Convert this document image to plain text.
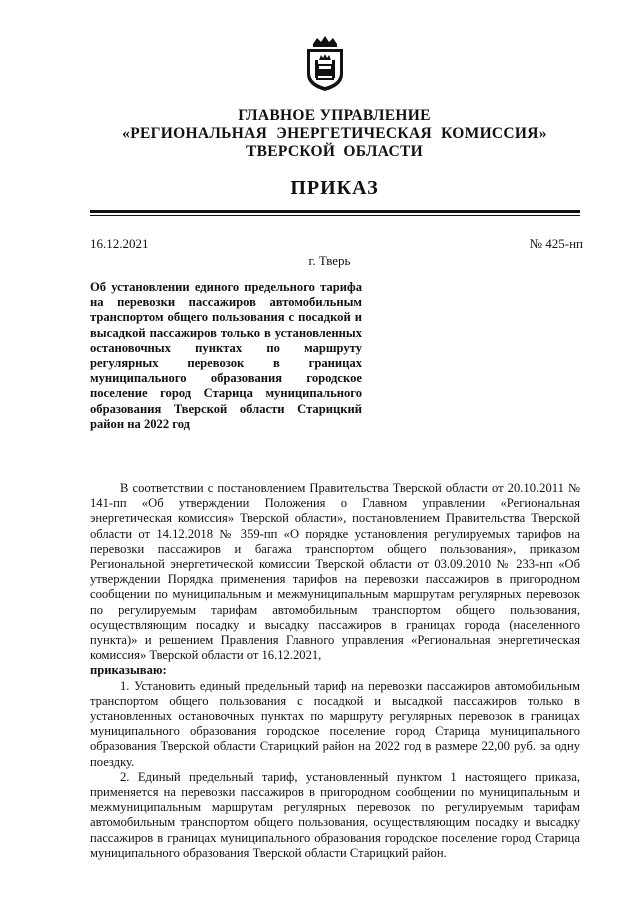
ГЛАВНОЕ УПРАВЛЕНИЕ
«РЕГИОНАЛЬНАЯ ЭНЕРГЕТИЧЕСКАЯ КОМИССИЯ»
ТВЕРСКОЙ ОБЛАСТИ
ПРИКАЗ
16.12.2021	№ 425-нп
г. Тверь
Об установлении единого предельного тарифа на перевозки пассажиров автомобильным транспортом общего пользования с посадкой и высадкой пассажиров только в установленных остановочных пунктах по маршруту регулярных перевозок в границах муниципального образования городское поселение город Старица муниципального образования Тверской области Старицкий район на 2022 год

В соответствии с постановлением Правительства Тверской области от 20.10.2011 № 141-пп «Об утверждении Положения о Главном управлении «Региональная энергетическая комиссия» Тверской области», постановлением Правительства Тверской области от 14.12.2018 № 359-пп «О порядке установления регулируемых тарифов на перевозки пассажиров и багажа транспортом общего пользования», приказом Региональной энергетической комиссии Тверской области от 03.09.2010 № 233-нп «Об утверждении Порядка применения тарифов на перевозки пассажиров в пригородном сообщении по муниципальным и межмуниципальным маршрутам регулярных перевозок по регулируемым тарифам автомобильным транспортом общего пользования, осуществляющим посадку и высадку пассажиров в границах города (населенного пункта)» и решением Правления Главного управления «Региональная энергетическая комиссия» Тверской области от 16.12.2021,

приказываю:

1. Установить единый предельный тариф на перевозки пассажиров автомобильным транспортом общего пользования с посадкой и высадкой пассажиров только в установленных остановочных пунктах по маршруту регулярных перевозок в границах муниципального образования городское поселение город Старица муниципального образования Тверской области Старицкий район на 2022 год в размере 22,00 руб. за одну поездку.

2. Единый предельный тариф, установленный пунктом 1 настоящего приказа, применяется на перевозки пассажиров в пригородном сообщении по муниципальным и межмуниципальным маршрутам регулярных перевозок по регулируемым тарифам автомобильным транспортом общего пользования, осуществляющим посадку и высадку пассажиров в границах муниципального образования городское поселение город Старица муниципального образования Тверской области Старицкий район.
